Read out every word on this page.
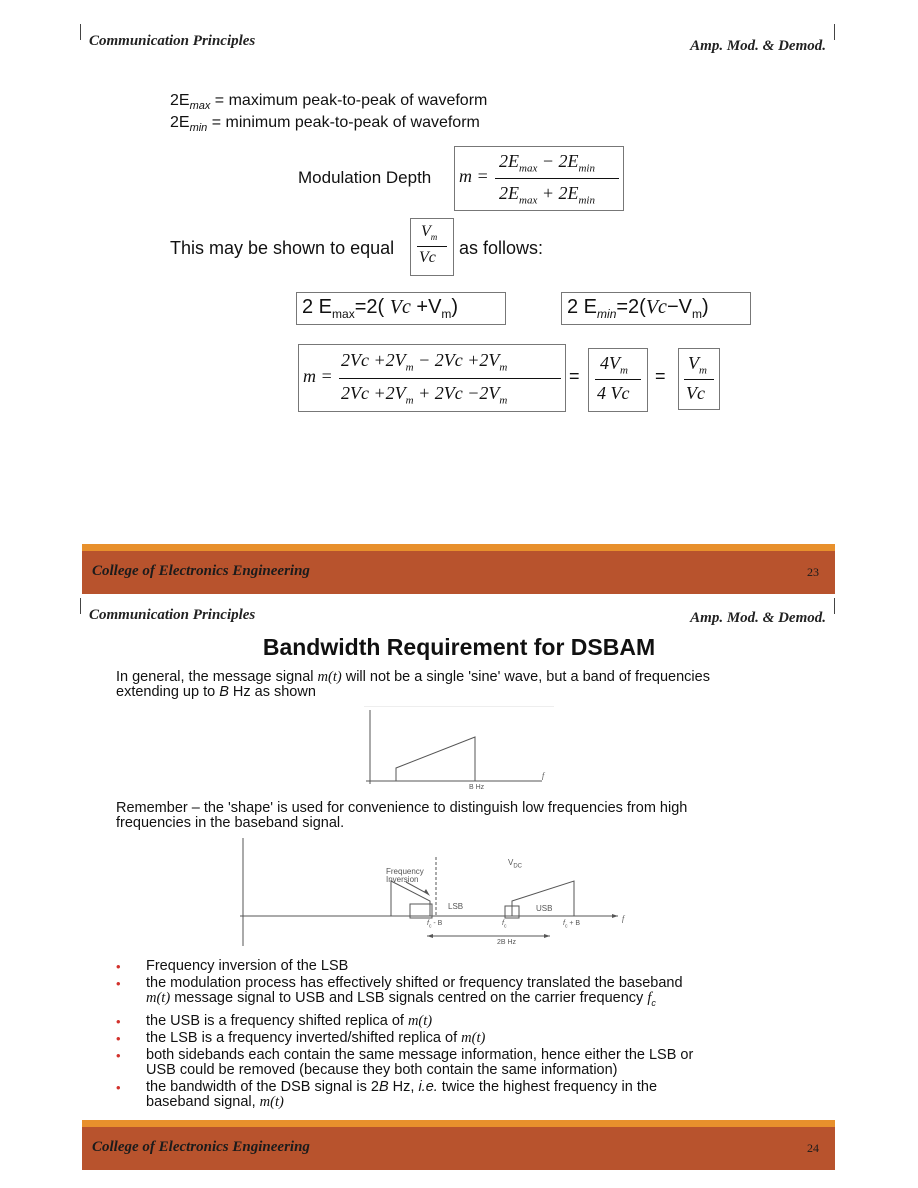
Communication Principles	Amp. Mod. & Demod.
$2E_{max}$ = maximum peak-to-peak of waveform
$2E_{min}$ = minimum peak-to-peak of waveform
Modulation Depth m =
$2E_{max} - 2E_{min}$
$2E_{max} + 2E_{min}$
This may be shown to equal
$V_m$
Vc as follows:
2 $E_{max}=2$( $Vc +V_m$)	2 $E_{min}=2(Vc-V_m)$
m =
$2Vc +2V_m - 2Vc +2V_m$
$2Vc +2V_m + 2Vc -2V_m$
=
$4V_m$
4 Vc
=
$V_m$
Vc
College of Electronics Engineering	23
Communication Principles	Amp. Mod. & Demod.
Bandwidth Requirement for DSBAM
In general, the message signal m(t) will not be a single 'sine' wave, but a band of frequencies
extending up to B Hz as shown
f
B Hz
Remember – the 'shape' is used for convenience to distinguish low frequencies from high
frequencies in the baseband signal.
$V_{DC}$
Frequency
Inversion
LSB	USB
f
$f_c$ - B	$f_c$	$f_c + B$
2B Hz
• Frequency inversion of the LSB
• the modulation process has effectively shifted or frequency translated the baseband
m(t) message signal to USB and LSB signals centred on the carrier frequency $f_c$
• the USB is a frequency shifted replica of m(t)
• the LSB is a frequency inverted/shifted replica of m(t)
• both sidebands each contain the same message information, hence either the LSB or
USB could be removed (because they both contain the same information)
• the bandwidth of the DSB signal is 2B Hz, i.e. twice the highest frequency in the
baseband signal, m(t)
College of Electronics Engineering	24
